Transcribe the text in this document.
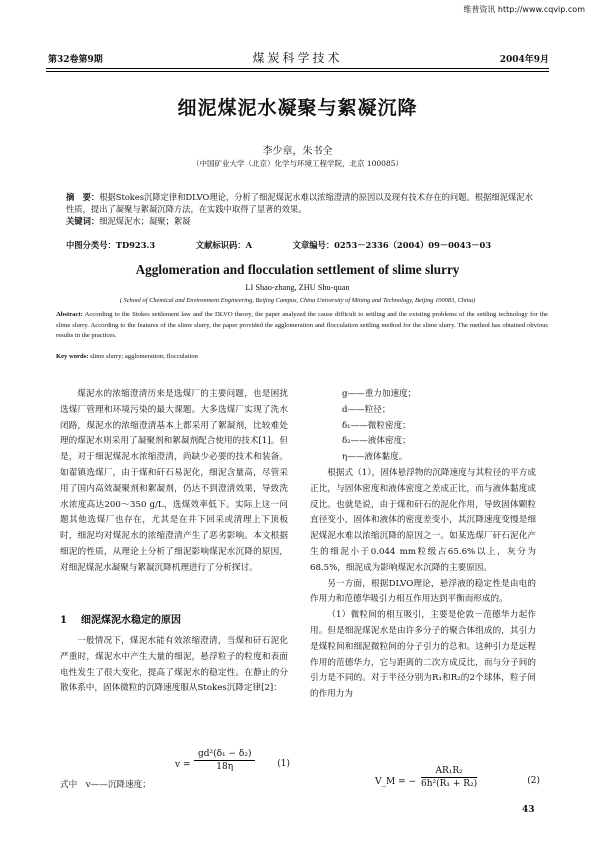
维普资讯 http://www.cqvip.com
第32卷第9期	煤炭科学技术	2004年9月
细泥煤泥水凝聚与絮凝沉降
李少章，朱书全
（中国矿业大学（北京）化学与环境工程学院，北京 100085）

摘　要：根据Stokes沉降定律和DLVO理论，分析了细泥煤泥水难以浓缩澄清的原因以及现有技术存在的问题。根据细泥煤泥水性质，提出了凝聚与絮凝沉降方法，在实践中取得了显著的效果。

关键词：细泥煤泥水；凝聚；絮凝

中图分类号：TD923.3	文献标识码：A	文章编号：0253－2336（2004）09－0043－03
Agglomeration and flocculation settlement of slime slurry
LI Shao-zhang, ZHU Shu-quan
( School of Chemical and Environment Engineering, Beijing Campus, China University of Mining and Technology, Beijing 100083, China)

Abstract: According to the Stokes settlement law and the DLVO theory, the paper analyzed the cause difficult to settling and the existing problems of the settling technology for the slime slurry. According to the features of the slime slurry, the paper provided the agglomeration and flocculation settling method for the slime slurry. The method has obtained obvious results in the practices.

Key words: slime slurry; agglomeration; flocculation

煤泥水的浓缩澄清历来是选煤厂的主要问题，也是困扰选煤厂管理和环境污染的最大课题。大多选煤厂实现了洗水闭路，煤泥水的浓缩澄清基本上都采用了絮凝剂，比较难处理的煤泥水则采用了凝聚剂和絮凝剂配合使用的技术[1]。但是，对于细泥煤泥水浓缩澄清，尚缺少必要的技术和装备。如翟镇选煤厂，由于煤和矸石易泥化，细泥含量高，尽管采用了国内高效凝聚剂和絮凝剂，仍达不到澄清效果，导致洗水浓度高达200～350 g/L，选煤效率低下。实际上这一问题其他选煤厂也存在，尤其是在井下回采或清理上下顶板时，细泥均对煤泥水的浓缩澄清产生了恶劣影响。本文根据细泥的性质，从理论上分析了细泥影响煤泥水沉降的原因，对细泥煤泥水凝聚与絮凝沉降机理进行了分析探讨。

1 细泥煤泥水稳定的原因

一般情况下，煤泥水能有效浓缩澄清，当煤和矸石泥化严重时，煤泥水中产生大量的细泥，悬浮粒子的粒度和表面电性发生了很大变化，提高了煤泥水的稳定性。在静止的分散体系中，固体微粒的沉降速度服从Stokes沉降定律[2]：

$v = \frac{\text{gd²(δ₁ − δ₂)}}{18\eta} (1)$
式中　v——沉降速度；
g——重力加速度；
d——粒径；
δ₁——微粒密度；
δ₂——液体密度；
η——液体黏度。

根据式（1），固体悬浮物的沉降速度与其粒径的平方成正比，与固体密度和液体密度之差成正比，而与液体黏度成反比。也就是说，由于煤和矸石的泥化作用，导致固体颗粒直径变小，固体和液体的密度差变小，其沉降速度变慢是细泥煤泥水难以浓缩沉降的原因之一。如某选煤厂矸石泥化产生的细泥小于0.044 mm粒级占65.6%以上，灰分为68.5%，细泥成为影响煤泥水沉降的主要原因。

另一方面，根据DLVO理论，悬浮液的稳定性是由电的作用力和范德华吸引力相互作用达到平衡而形成的。

（1）微粒间的相互吸引，主要是伦敦－范德华力起作用。但是细泥煤泥水是由许多分子的聚合体组成的，其引力是煤粒间和细泥微粒间的分子引力的总和。这种引力是远程作用的范德华力，它与距离的二次方成反比，而与分子间的引力是不同的。对于半径分别为R₁和R₂的2个球体，粒子间的作用力为

V_M = − $\frac{\text{AR₁R₂}}{\text{6h²(R₁ + R₂)}}$	(2)
43
